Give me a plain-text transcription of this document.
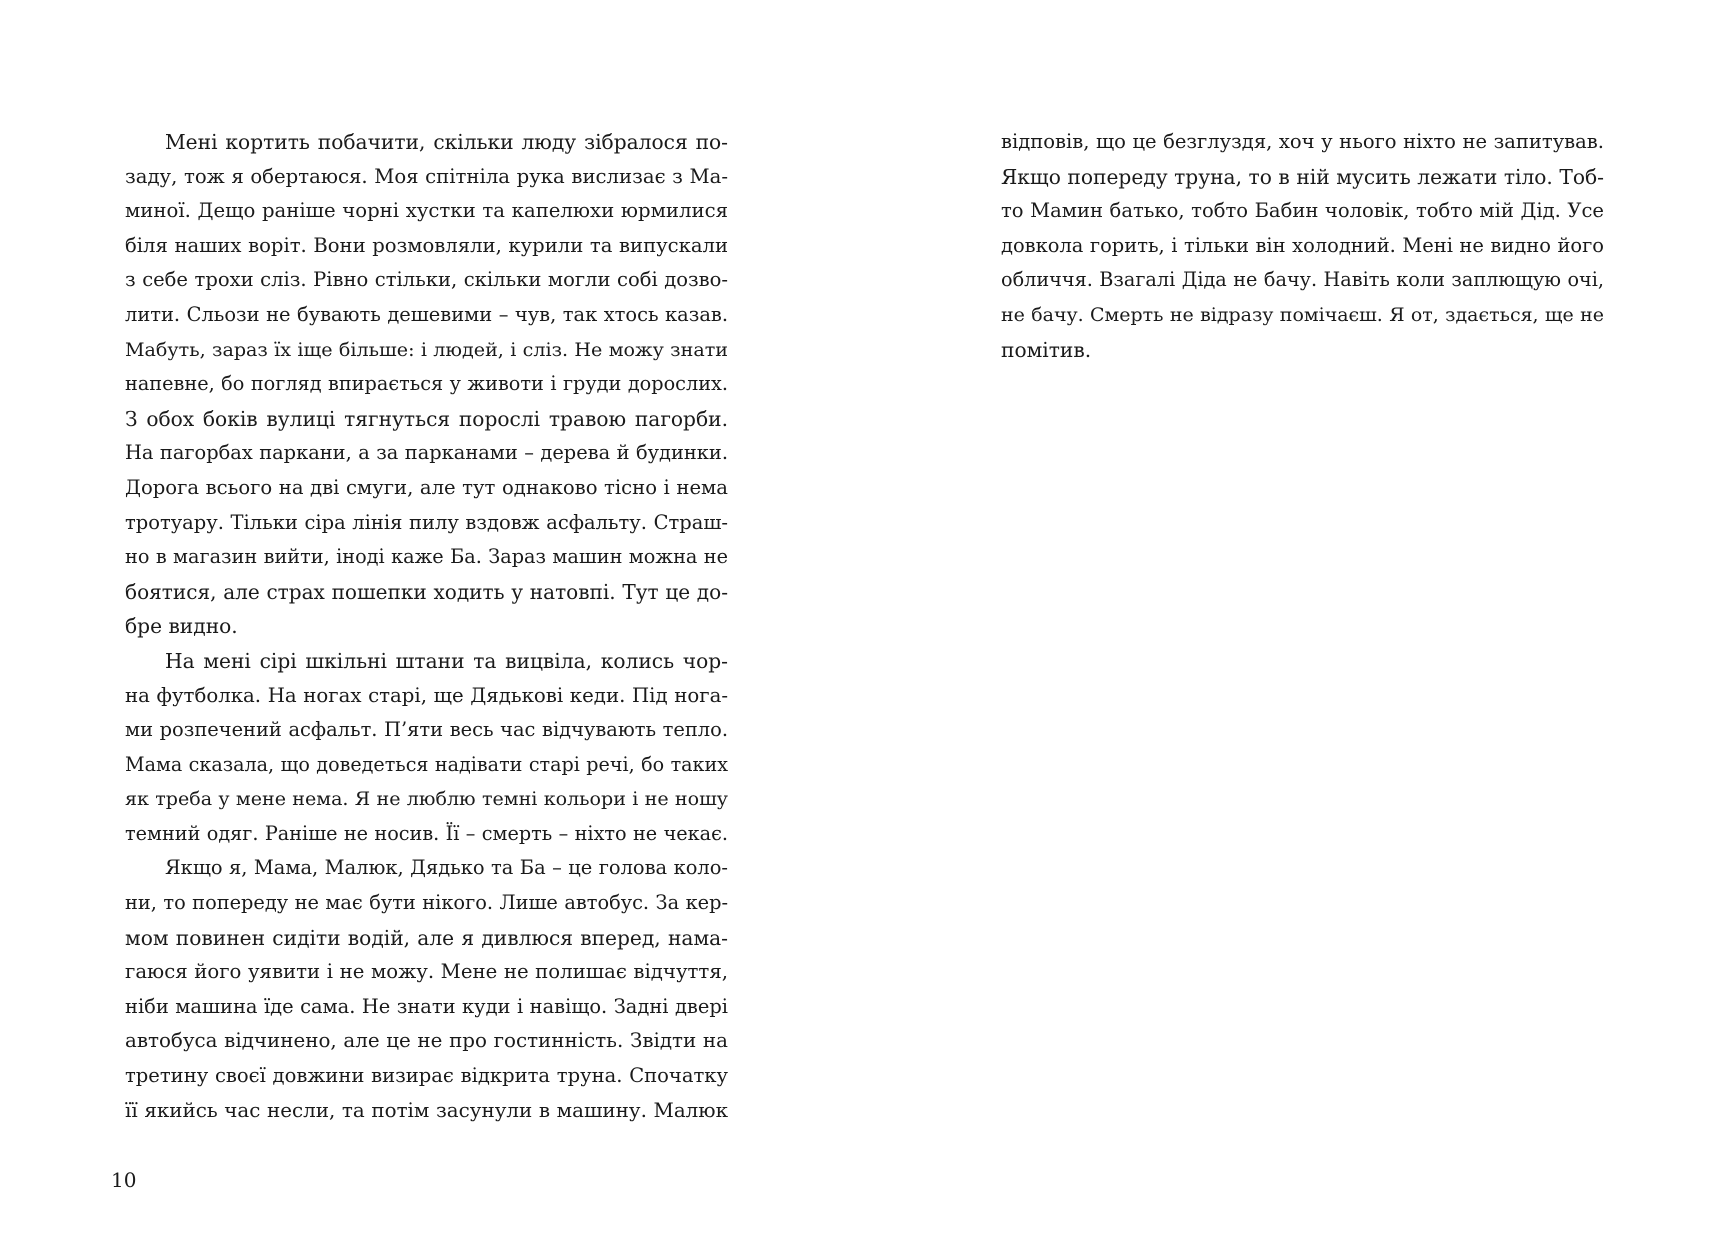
Мені кортить побачити, скільки люду зібралося по-
заду, тож я обертаюся. Моя спітніла рука вислизає з Ма-
миної. Дещо раніше чорні хустки та капелюхи юрмилися
біля наших воріт. Вони розмовляли, курили та випускали
з себе трохи сліз. Рівно стільки, скільки могли собі дозво-
лити. Сльози не бувають дешевими – чув, так хтось казав.
Мабуть, зараз їх іще більше: і людей, і сліз. Не можу знати
напевне, бо погляд впирається у животи і груди дорослих.
З обох боків вулиці тягнуться порослі травою пагорби.
На пагорбах паркани, а за парканами – дерева й будинки.
Дорога всього на дві смуги, але тут однаково тісно і нема
тротуару. Тільки сіра лінія пилу вздовж асфальту. Страш-
но в магазин вийти, іноді каже Ба. Зараз машин можна не
боятися, але страх пошепки ходить у натовпі. Тут це до-
бре видно.
На мені сірі шкільні штани та вицвіла, колись чор-
на футболка. На ногах старі, ще Дядькові кеди. Під нога-
ми розпечений асфальт. П’яти весь час відчувають тепло.
Мама сказала, що доведеться надівати старі речі, бо таких
як треба у мене нема. Я не люблю темні кольори і не ношу
темний одяг. Раніше не носив. Її – смерть – ніхто не чекає.
Якщо я, Мама, Малюк, Дядько та Ба – це голова коло-
ни, то попереду не має бути нікого. Лише автобус. За кер-
мом повинен сидіти водій, але я дивлюся вперед, нама-
гаюся його уявити і не можу. Мене не полишає відчуття,
ніби машина їде сама. Не знати куди і навіщо. Задні двері
автобуса відчинено, але це не про гостинність. Звідти на
третину своєї довжини визирає відкрита труна. Спочатку
її якийсь час несли, та потім засунули в машину. Малюк
10
відповів, що це безглуздя, хоч у нього ніхто не запитував.
Якщо попереду труна, то в ній мусить лежати тіло. Тоб-
то Мамин батько, тобто Бабин чоловік, тобто мій Дід. Усе
довкола горить, і тільки він холодний. Мені не видно його
обличчя. Взагалі Діда не бачу. Навіть коли заплющую очі,
не бачу. Смерть не відразу помічаєш. Я от, здається, ще не
помітив.
